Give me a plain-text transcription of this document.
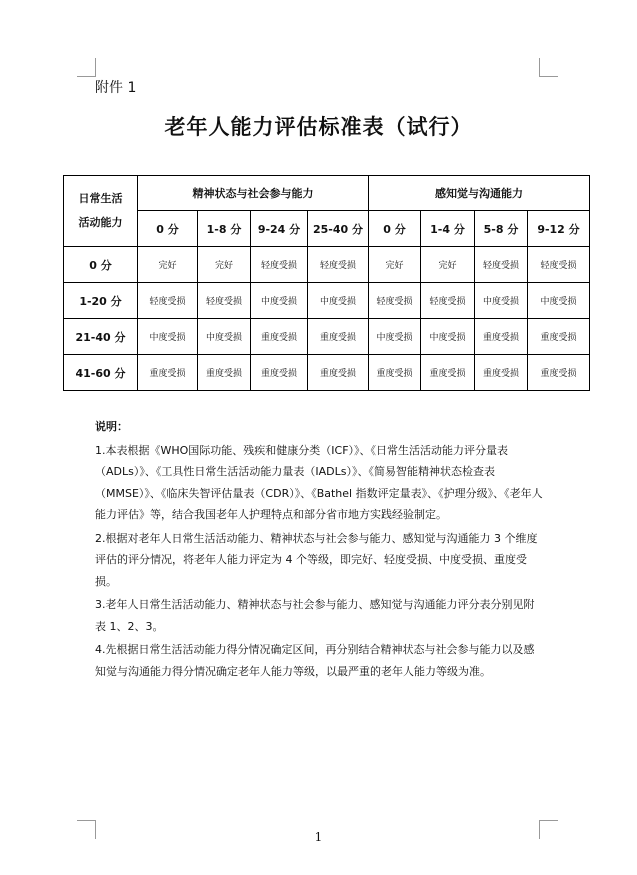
附件 1
老年人能力评估标准表（试行）
日常生活
活动能力	精神状态与社会参与能力				感知觉与沟通能力			
	0 分	1-8 分	9-24 分	25-40 分	0 分	1-4 分	5-8 分	9-12 分
0 分	完好	完好	轻度受损	轻度受损	完好	完好	轻度受损	轻度受损
1-20 分	轻度受损	轻度受损	中度受损	中度受损	轻度受损	轻度受损	中度受损	中度受损
21-40 分	中度受损	中度受损	重度受损	重度受损	中度受损	中度受损	重度受损	重度受损
41-60 分	重度受损	重度受损	重度受损	重度受损	重度受损	重度受损	重度受损	重度受损
说明：

1.本表根据《WHO国际功能、残疾和健康分类（ICF）》、《日常生活活动能力评分量表（ADLs）》、《工具性日常生活活动能力量表（IADLs）》、《简易智能精神状态检查表（MMSE）》、《临床失智评估量表（CDR）》、《Bathel 指数评定量表》、《护理分级》、《老年人能力评估》等，结合我国老年人护理特点和部分省市地方实践经验制定。

2.根据对老年人日常生活活动能力、精神状态与社会参与能力、感知觉与沟通能力 3 个维度评估的评分情况，将老年人能力评定为 4 个等级，即完好、轻度受损、中度受损、重度受损。

3.老年人日常生活活动能力、精神状态与社会参与能力、感知觉与沟通能力评分表分别见附表 1、2、3。

4.先根据日常生活活动能力得分情况确定区间，再分别结合精神状态与社会参与能力以及感知觉与沟通能力得分情况确定老年人能力等级，以最严重的老年人能力等级为准。

1
